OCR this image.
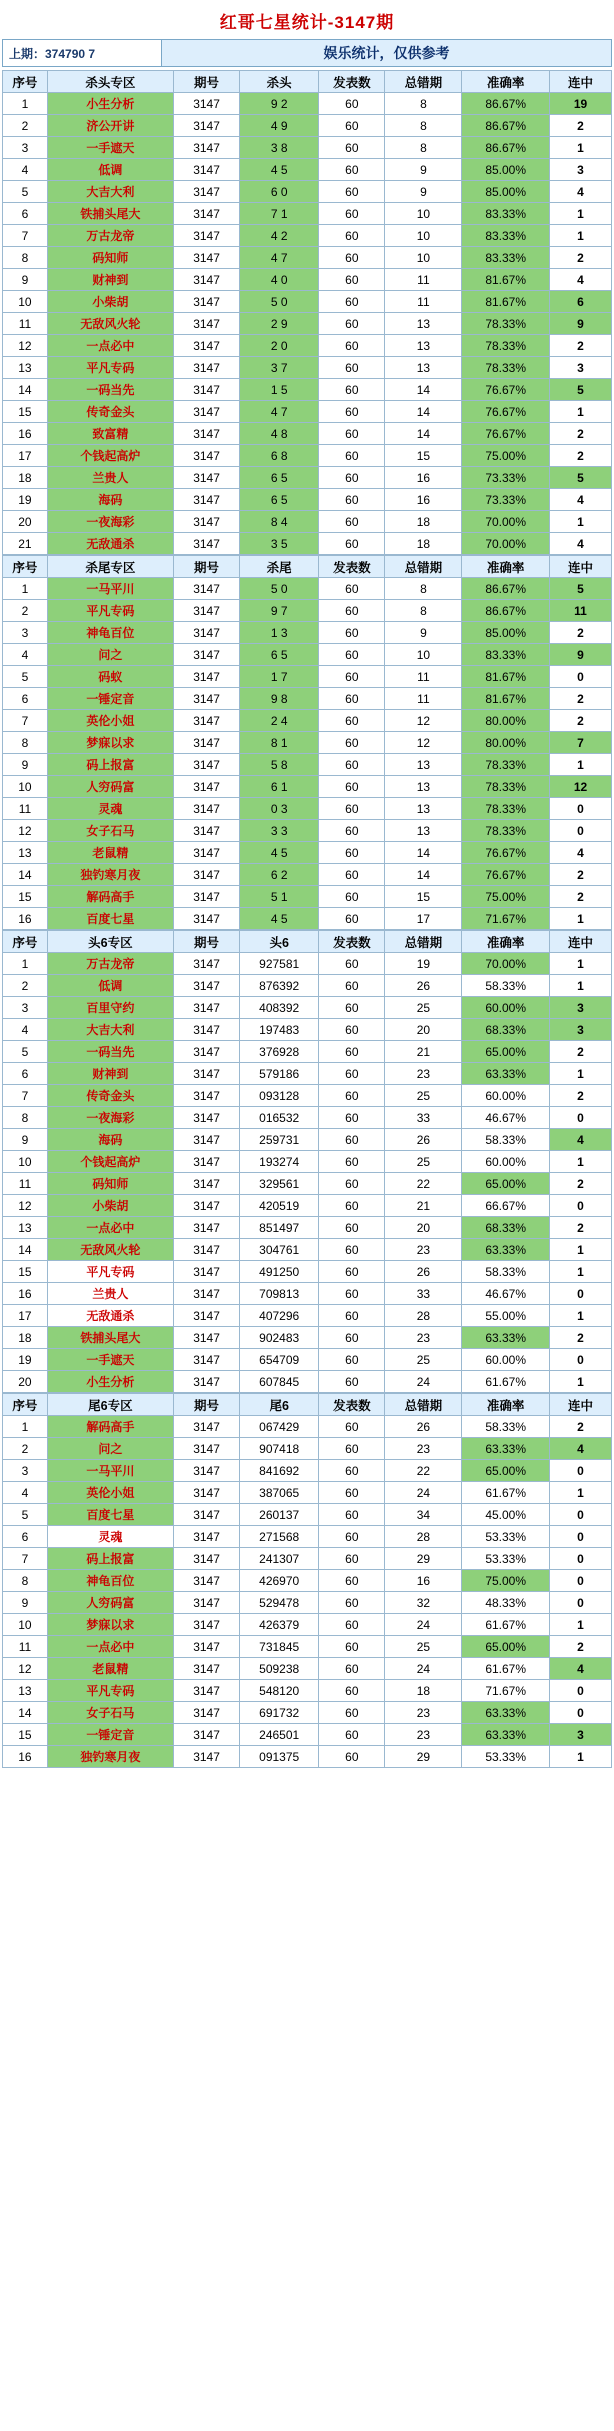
红哥七星统计-3147期
上期：374790 7	娱乐统计，仅供参考
序号	杀头专区	期号	杀头	发表数	总错期	准确率	连中
1	小生分析	3147	9 2	60	8	86.67%	19
2	济公开讲	3147	4 9	60	8	86.67%	2
3	一手遮天	3147	3 8	60	8	86.67%	1
4	低调	3147	4 5	60	9	85.00%	3
5	大吉大利	3147	6 0	60	9	85.00%	4
6	铁捕头尾大	3147	7 1	60	10	83.33%	1
7	万古龙帝	3147	4 2	60	10	83.33%	1
8	码知师	3147	4 7	60	10	83.33%	2
9	财神到	3147	4 0	60	11	81.67%	4
10	小柴胡	3147	5 0	60	11	81.67%	6
11	无敌风火轮	3147	2 9	60	13	78.33%	9
12	一点必中	3147	2 0	60	13	78.33%	2
13	平凡专码	3147	3 7	60	13	78.33%	3
14	一码当先	3147	1 5	60	14	76.67%	5
15	传奇金头	3147	4 7	60	14	76.67%	1
16	致富精	3147	4 8	60	14	76.67%	2
17	个钱起高炉	3147	6 8	60	15	75.00%	2
18	兰贵人	3147	6 5	60	16	73.33%	5
19	海码	3147	6 5	60	16	73.33%	4
20	一夜海彩	3147	8 4	60	18	70.00%	1
21	无敌通杀	3147	3 5	60	18	70.00%	4
序号	杀尾专区	期号	杀尾	发表数	总错期	准确率	连中
1	一马平川	3147	5 0	60	8	86.67%	5
2	平凡专码	3147	9 7	60	8	86.67%	11
3	神龟百位	3147	1 3	60	9	85.00%	2
4	问之	3147	6 5	60	10	83.33%	9
5	码蚁	3147	1 7	60	11	81.67%	0
6	一锤定音	3147	9 8	60	11	81.67%	2
7	英伦小姐	3147	2 4	60	12	80.00%	2
8	梦寐以求	3147	8 1	60	12	80.00%	7
9	码上报富	3147	5 8	60	13	78.33%	1
10	人穷码富	3147	6 1	60	13	78.33%	12
11	灵魂	3147	0 3	60	13	78.33%	0
12	女子石马	3147	3 3	60	13	78.33%	0
13	老鼠精	3147	4 5	60	14	76.67%	4
14	独钓寒月夜	3147	6 2	60	14	76.67%	2
15	解码高手	3147	5 1	60	15	75.00%	2
16	百度七星	3147	4 5	60	17	71.67%	1
序号	头6专区	期号	头6	发表数	总错期	准确率	连中
1	万古龙帝	3147	927581	60	19	70.00%	1
2	低调	3147	876392	60	26	58.33%	1
3	百里守约	3147	408392	60	25	60.00%	3
4	大吉大利	3147	197483	60	20	68.33%	3
5	一码当先	3147	376928	60	21	65.00%	2
6	财神到	3147	579186	60	23	63.33%	1
7	传奇金头	3147	093128	60	25	60.00%	2
8	一夜海彩	3147	016532	60	33	46.67%	0
9	海码	3147	259731	60	26	58.33%	4
10	个钱起高炉	3147	193274	60	25	60.00%	1
11	码知师	3147	329561	60	22	65.00%	2
12	小柴胡	3147	420519	60	21	66.67%	0
13	一点必中	3147	851497	60	20	68.33%	2
14	无敌风火轮	3147	304761	60	23	63.33%	1
15	平凡专码	3147	491250	60	26	58.33%	1
16	兰贵人	3147	709813	60	33	46.67%	0
17	无敌通杀	3147	407296	60	28	55.00%	1
18	铁捕头尾大	3147	902483	60	23	63.33%	2
19	一手遮天	3147	654709	60	25	60.00%	0
20	小生分析	3147	607845	60	24	61.67%	1
序号	尾6专区	期号	尾6	发表数	总错期	准确率	连中
1	解码高手	3147	067429	60	26	58.33%	2
2	问之	3147	907418	60	23	63.33%	4
3	一马平川	3147	841692	60	22	65.00%	0
4	英伦小姐	3147	387065	60	24	61.67%	1
5	百度七星	3147	260137	60	34	45.00%	0
6	灵魂	3147	271568	60	28	53.33%	0
7	码上报富	3147	241307	60	29	53.33%	0
8	神龟百位	3147	426970	60	16	75.00%	0
9	人穷码富	3147	529478	60	32	48.33%	0
10	梦寐以求	3147	426379	60	24	61.67%	1
11	一点必中	3147	731845	60	25	65.00%	2
12	老鼠精	3147	509238	60	24	61.67%	4
13	平凡专码	3147	548120	60	18	71.67%	0
14	女子石马	3147	691732	60	23	63.33%	0
15	一锤定音	3147	246501	60	23	63.33%	3
16	独钓寒月夜	3147	091375	60	29	53.33%	1
